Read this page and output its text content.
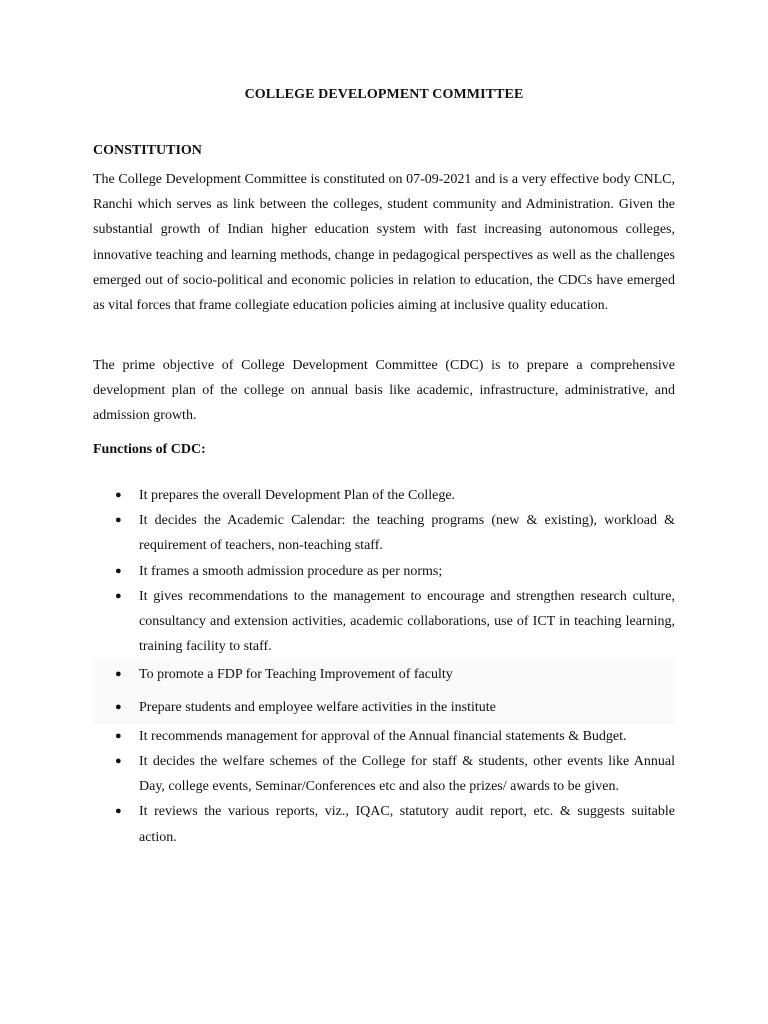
COLLEGE DEVELOPMENT COMMITTEE
CONSTITUTION

The College Development Committee is constituted on 07-09-2021 and is a very effective body CNLC, Ranchi which serves as link between the colleges, student community and Administration. Given the substantial growth of Indian higher education system with fast increasing autonomous colleges, innovative teaching and learning methods, change in pedagogical perspectives as well as the challenges emerged out of socio-political and economic policies in relation to education, the CDCs have emerged as vital forces that frame collegiate education policies aiming at inclusive quality education.

The prime objective of College Development Committee (CDC) is to prepare a comprehensive development plan of the college on annual basis like academic, infrastructure, administrative, and admission growth.

Functions of CDC:
● It prepares the overall Development Plan of the College.
● It decides the Academic Calendar: the teaching programs (new & existing), workload & requirement of teachers, non-teaching staff.
● It frames a smooth admission procedure as per norms;
● It gives recommendations to the management to encourage and strengthen research culture, consultancy and extension activities, academic collaborations, use of ICT in teaching learning, training facility to staff.
● To promote a FDP for Teaching Improvement of faculty
● Prepare students and employee welfare activities in the institute
● It recommends management for approval of the Annual financial statements & Budget.
● It decides the welfare schemes of the College for staff & students, other events like Annual Day, college events, Seminar/Conferences etc and also the prizes/ awards to be given.
● It reviews the various reports, viz., IQAC, statutory audit report, etc. & suggests suitable action.
